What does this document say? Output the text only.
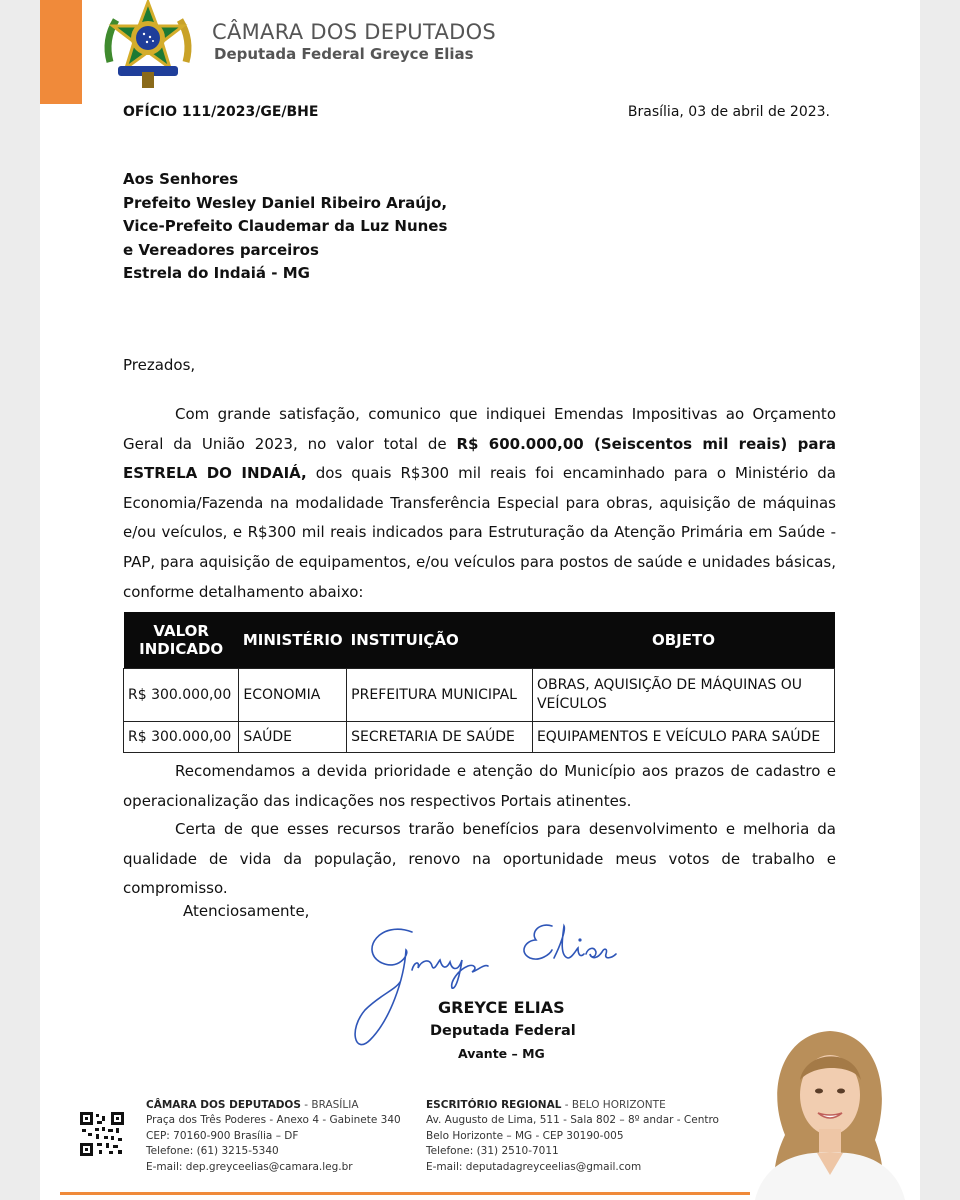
CÂMARA DOS DEPUTADOS
Deputada Federal Greyce Elias
OFÍCIO 111/2023/GE/BHE	Brasília, 03 de abril de 2023.
Aos Senhores
Prefeito Wesley Daniel Ribeiro Araújo,
Vice-Prefeito Claudemar da Luz Nunes
e Vereadores parceiros
Estrela do Indaiá - MG
Prezados,
Com grande satisfação, comunico que indiquei Emendas Impositivas ao Orçamento Geral da União 2023, no valor total de R$ 600.000,00 (Seiscentos mil reais) para ESTRELA DO INDAIÁ, dos quais R$300 mil reais foi encaminhado para o Ministério da Economia/Fazenda na modalidade Transferência Especial para obras, aquisição de máquinas e/ou veículos, e R$300 mil reais indicados para Estruturação da Atenção Primária em Saúde - PAP, para aquisição de equipamentos, e/ou veículos para postos de saúde e unidades básicas, conforme detalhamento abaixo:
VALOR INDICADO	MINISTÉRIO	INSTITUIÇÃO	OBJETO
R$ 300.000,00	ECONOMIA	PREFEITURA MUNICIPAL	OBRAS, AQUISIÇÃO DE MÁQUINAS OU VEÍCULOS
R$ 300.000,00	SAÚDE	SECRETARIA DE SAÚDE	EQUIPAMENTOS E VEÍCULO PARA SAÚDE
Recomendamos a devida prioridade e atenção do Município aos prazos de cadastro e operacionalização das indicações nos respectivos Portais atinentes.
Certa de que esses recursos trarão benefícios para desenvolvimento e melhoria da qualidade de vida da população, renovo na oportunidade meus votos de trabalho e compromisso.
Atenciosamente,
GREYCE ELIAS
Deputada Federal
Avante – MG
CÂMARA DOS DEPUTADOS - BRASÍLIA
Praça dos Três Poderes - Anexo 4 - Gabinete 340
CEP: 70160-900 Brasília – DF
Telefone: (61) 3215-5340
E-mail: dep.greyceelias@camara.leg.br
ESCRITÓRIO REGIONAL - BELO HORIZONTE
Av. Augusto de Lima, 511 - Sala 802 – 8º andar - Centro
Belo Horizonte – MG - CEP 30190-005
Telefone: (31) 2510-7011
E-mail: deputadagreyceelias@gmail.com
